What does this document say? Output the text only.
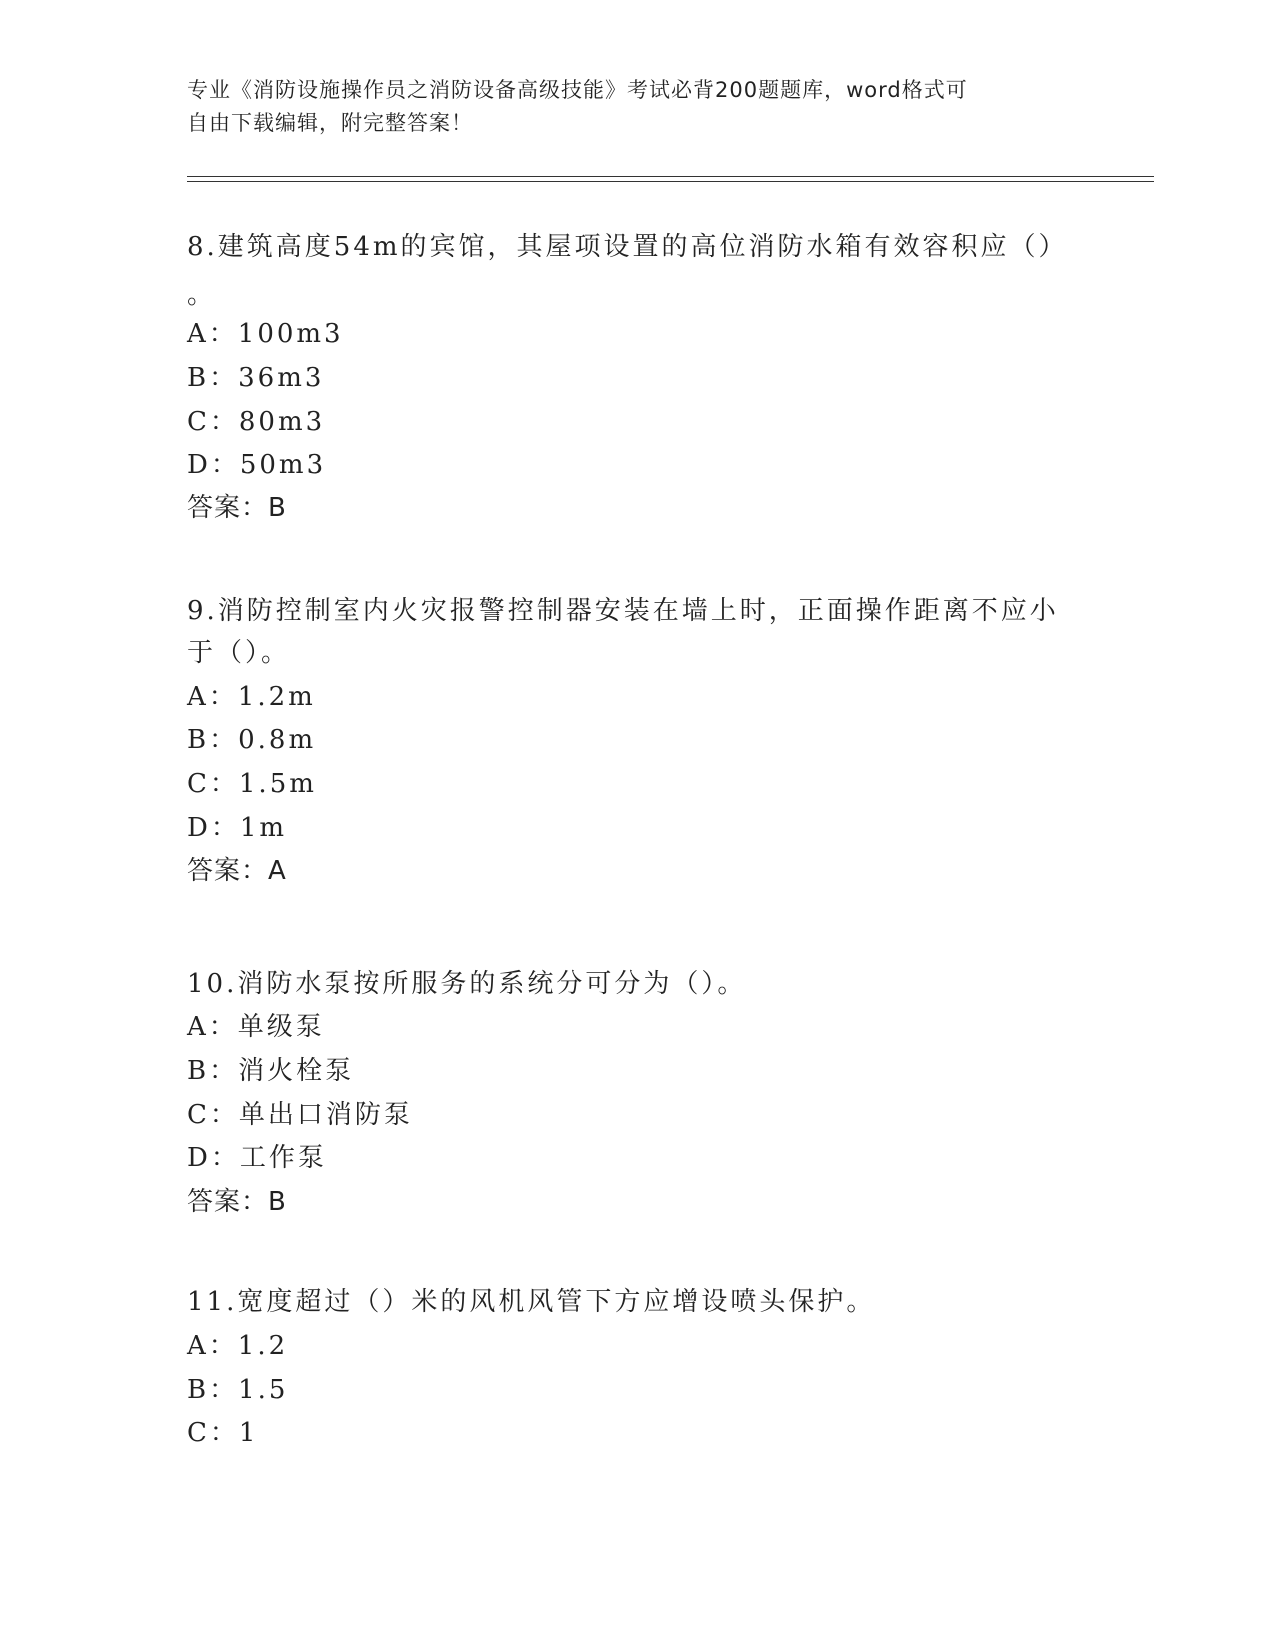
专业《消防设施操作员之消防设备高级技能》考试必背200题题库，word格式可
自由下载编辑，附完整答案！
8.建筑高度54m的宾馆，其屋项设置的高位消防水箱有效容积应（）
。
A：100m3
B：36m3
C：80m3
D：50m3
答案：B
9.消防控制室内火灾报警控制器安装在墙上时，正面操作距离不应小
于（）。
A：1.2m
B：0.8m
C：1.5m
D：1m
答案：A
10.消防水泵按所服务的系统分可分为（）。
A：单级泵
B：消火栓泵
C：单出口消防泵
D：工作泵
答案：B
11.宽度超过（）米的风机风管下方应增设喷头保护。
A：1.2
B：1.5
C：1
